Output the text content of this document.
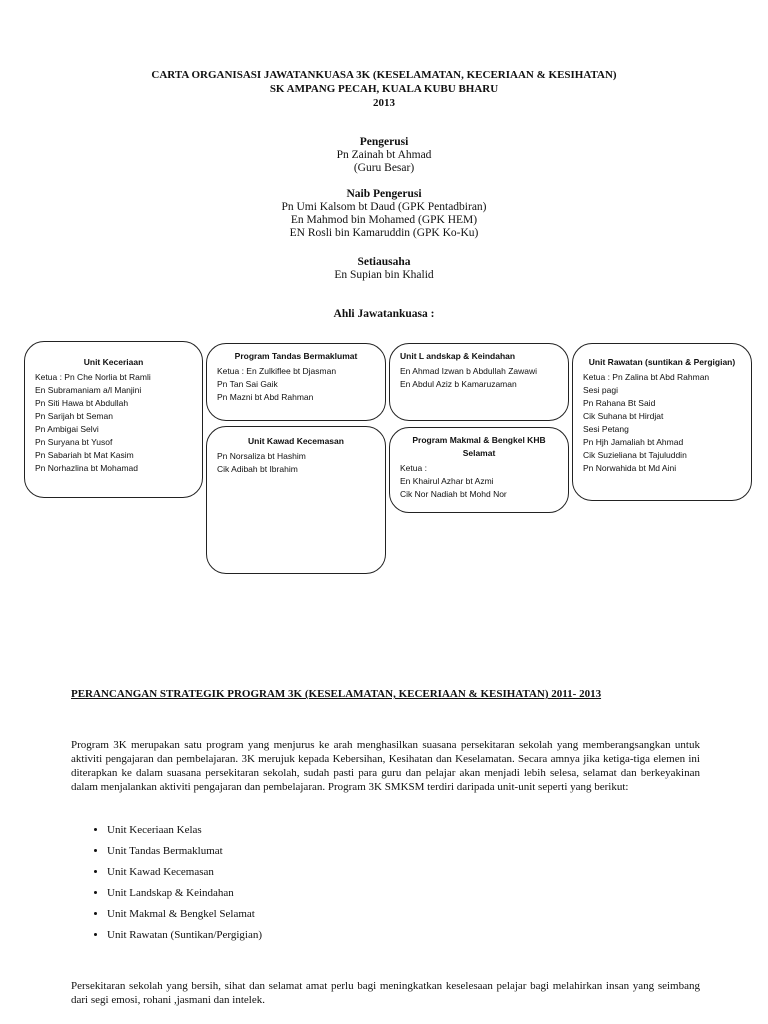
CARTA ORGANISASI JAWATANKUASA 3K (KESELAMATAN, KECERIAAN & KESIHATAN)
SK AMPANG PECAH, KUALA KUBU BHARU
2013
Pengerusi
Pn Zainah bt Ahmad
(Guru Besar)
Naib Pengerusi
Pn Umi Kalsom bt Daud (GPK Pentadbiran)
En Mahmod bin Mohamed (GPK HEM)
EN Rosli bin Kamaruddin (GPK Ko-Ku)
Setiausaha
En Supian bin Khalid
Ahli Jawatankuasa :
Unit Keceriaan
Ketua : Pn Che Norlia bt Ramli
En Subramaniam a/l Manjini
Pn Siti Hawa bt Abdullah
Pn Sarijah bt Seman
Pn Ambigai Selvi
Pn Suryana bt Yusof
Pn Sabariah bt Mat Kasim
Pn Norhazlina bt Mohamad
Program Tandas Bermaklumat
Ketua : En Zulkiflee bt Djasman
Pn Tan Sai Gaik
Pn Mazni bt Abd Rahman
Unit Kawad Kecemasan
Pn Norsaliza bt Hashim
Cik Adibah bt Ibrahim
Unit L andskap & Keindahan
En Ahmad Izwan b Abdullah Zawawi
En Abdul Aziz b Kamaruzaman
Program Makmal & Bengkel KHB Selamat
Ketua :
En Khairul Azhar bt Azmi
Cik Nor Nadiah bt Mohd Nor
Unit Rawatan (suntikan & Pergigian)
Ketua : Pn Zalina bt Abd Rahman
Sesi pagi
Pn Rahana Bt Said
Cik Suhana bt Hirdjat
Sesi Petang
Pn Hjh Jamaliah bt Ahmad
Cik Suzieliana bt Tajuluddin
Pn Norwahida bt Md Aini
PERANCANGAN STRATEGIK PROGRAM 3K (KESELAMATAN, KECERIAAN & KESIHATAN) 2011- 2013
Program 3K merupakan satu program yang menjurus ke arah menghasilkan suasana persekitaran sekolah yang memberangsangkan untuk aktiviti pengajaran dan pembelajaran. 3K merujuk kepada Kebersihan, Kesihatan dan Keselamatan. Secara amnya jika ketiga-tiga elemen ini diterapkan ke dalam suasana persekitaran sekolah, sudah pasti para guru dan pelajar akan menjadi lebih selesa, selamat dan berkeyakinan dalam menjalankan aktiviti pengajaran dan pembelajaran. Program 3K SMKSM terdiri daripada unit-unit seperti yang berikut:
• Unit Keceriaan Kelas
• Unit Tandas Bermaklumat
• Unit Kawad Kecemasan
• Unit Landskap & Keindahan
• Unit Makmal & Bengkel Selamat
• Unit Rawatan (Suntikan/Pergigian)
Persekitaran sekolah yang bersih, sihat dan selamat amat perlu bagi meningkatkan keselesaan pelajar bagi melahirkan insan yang seimbang dari segi emosi, rohani ,jasmani dan intelek.
